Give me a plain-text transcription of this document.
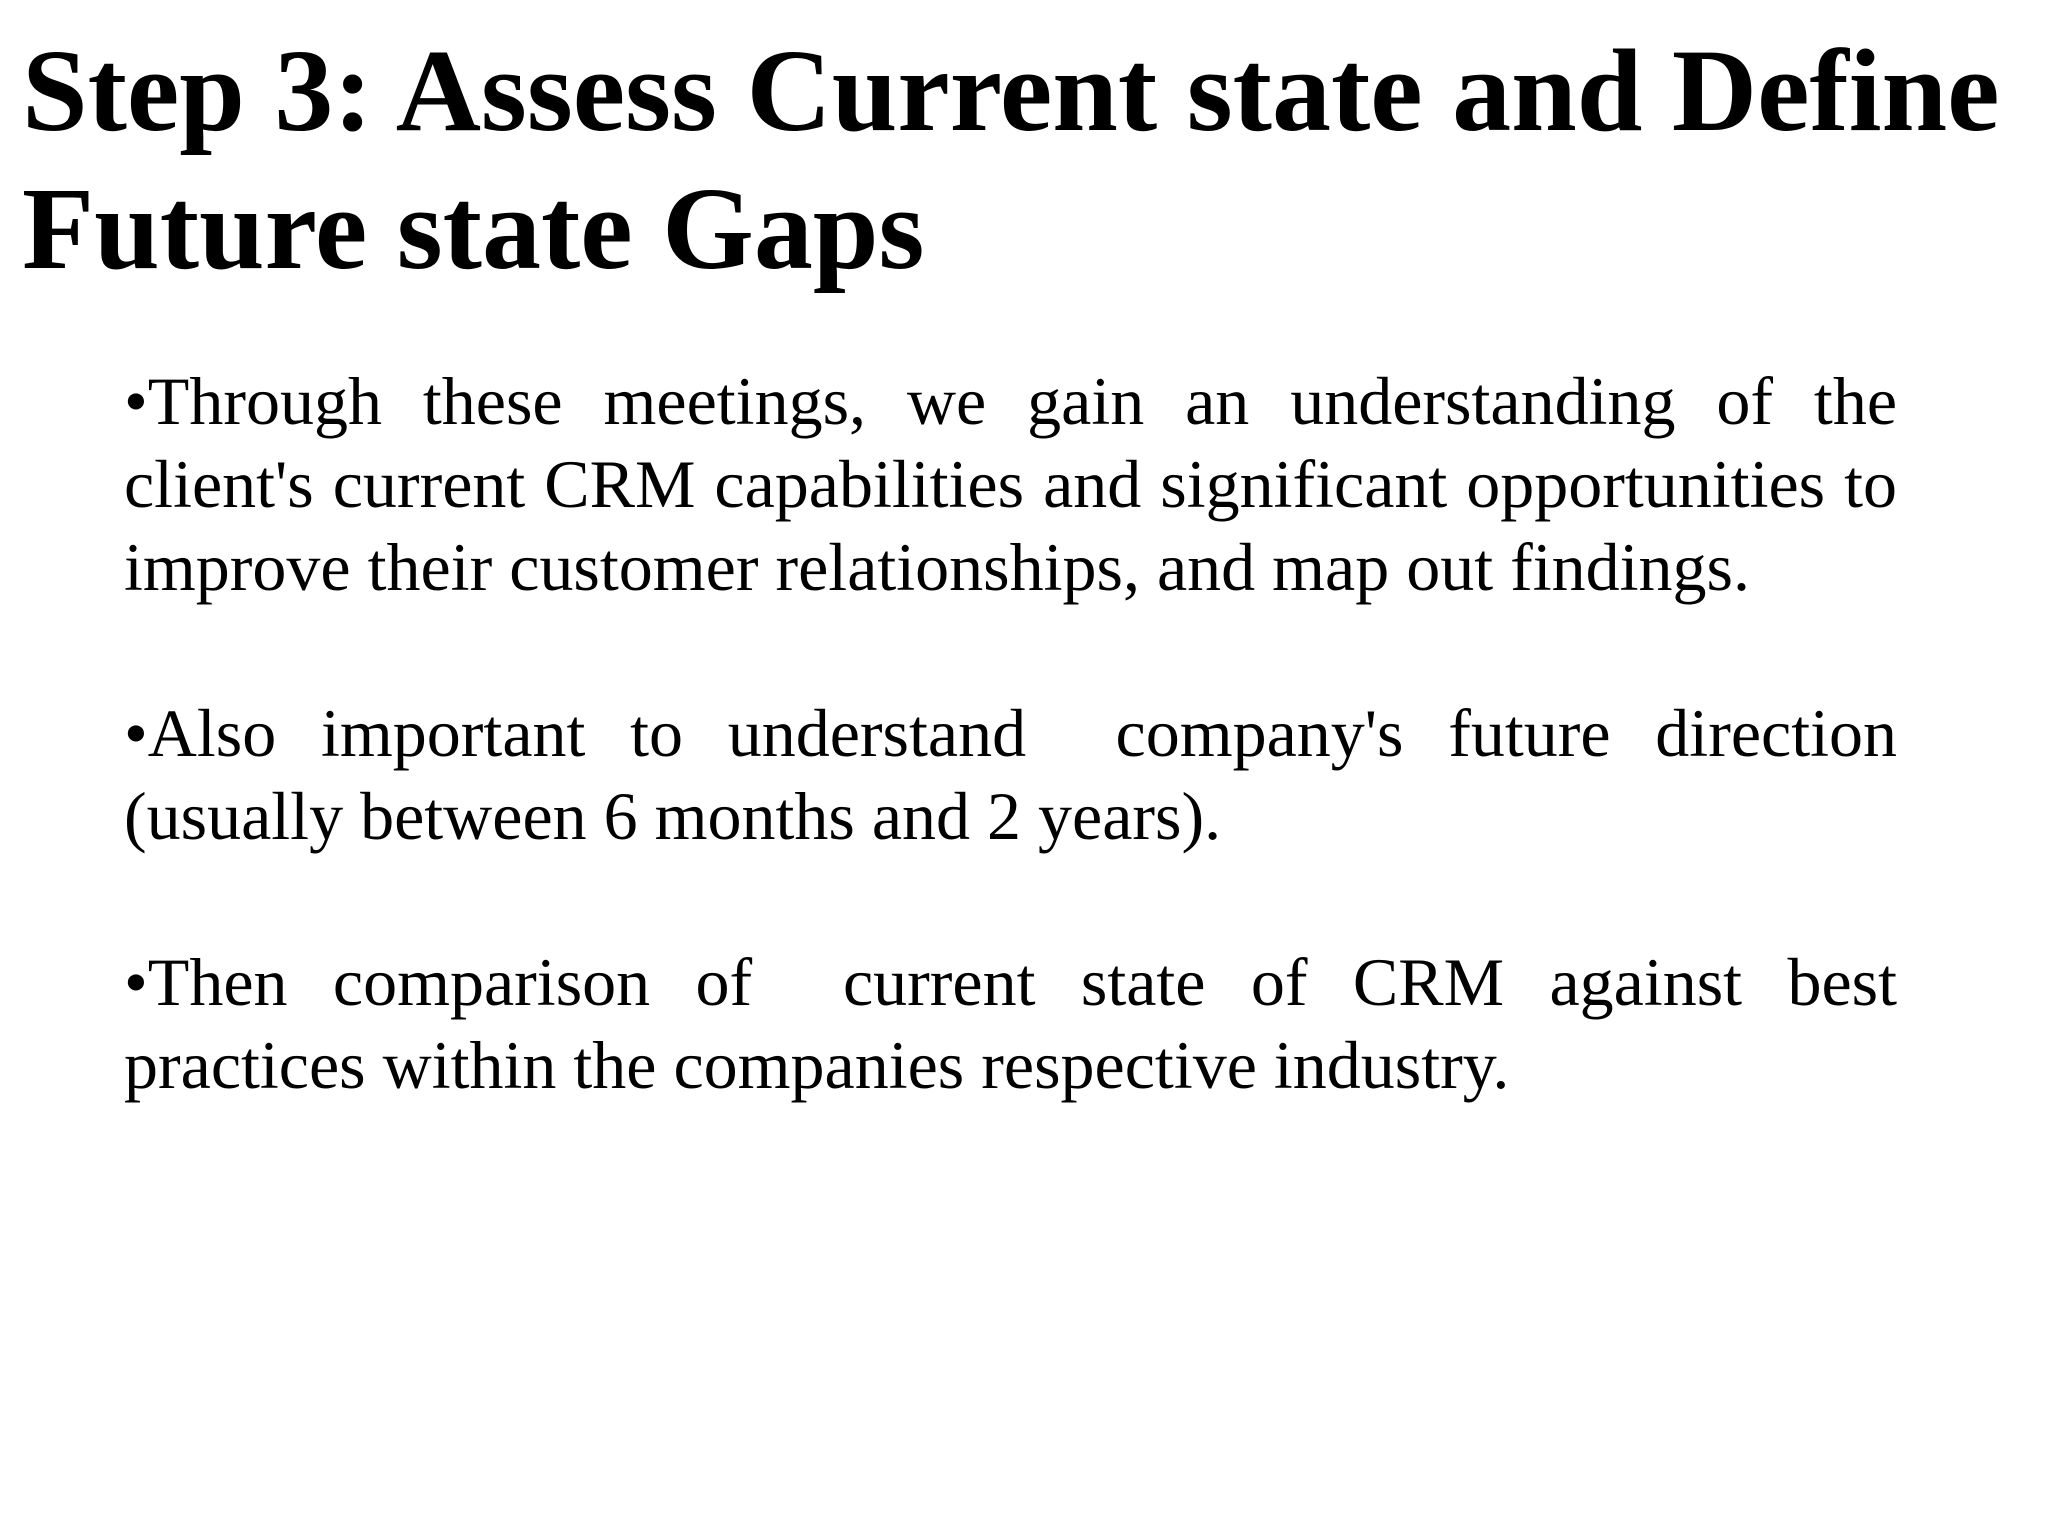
Step 3: Assess Current state and Define Future state Gaps
•Through these meetings, we gain an understanding of the client's current CRM capabilities and significant opportunities to improve their customer relationships, and map out findings.
•Also important to understand  company's future direction (usually between 6 months and 2 years).
•Then comparison of  current state of CRM against best practices within the companies respective industry.
